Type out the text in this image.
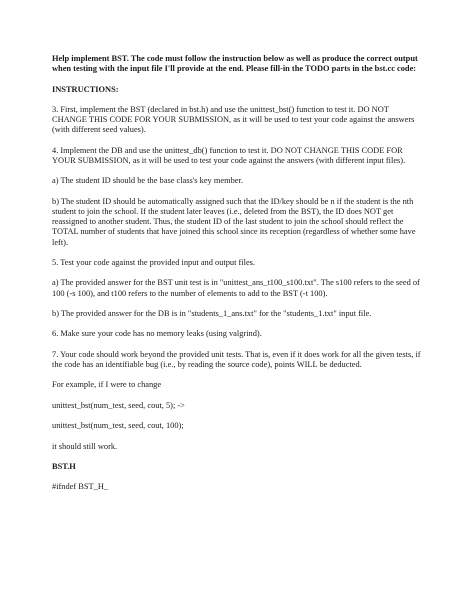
Help implement BST. The code must follow the instruction below as well as produce the correct output when testing with the input file I'll provide at the end. Please fill-in the TODO parts in the bst.cc code:

INSTRUCTIONS:

3. First, implement the BST (declared in bst.h) and use the unittest_bst() function to test it. DO NOT CHANGE THIS CODE FOR YOUR SUBMISSION, as it will be used to test your code against the answers (with different seed values).

4. Implement the DB and use the unittest_db() function to test it. DO NOT CHANGE THIS CODE FOR YOUR SUBMISSION, as it will be used to test your code against the answers (with different input files).

a) The student ID should be the base class's key member.

b) The student ID should be automatically assigned such that the ID/key should be n if the student is the nth student to join the school. If the student later leaves (i.e., deleted from the BST), the ID does NOT get reassigned to another student. Thus, the student ID of the last student to join the school should reflect the TOTAL number of students that have joined this school since its reception (regardless of whether some have left).

5. Test your code against the provided input and output files.

a) The provided answer for the BST unit test is in "unittest_ans_t100_s100.txt". The s100 refers to the seed of 100 (-s 100), and t100 refers to the number of elements to add to the BST (-t 100).

b) The provided answer for the DB is in "students_1_ans.txt" for the "students_1.txt" input file.

6. Make sure your code has no memory leaks (using valgrind).

7. Your code should work beyond the provided unit tests. That is, even if it does work for all the given tests, if the code has an identifiable bug (i.e., by reading the source code), points WILL be deducted.

For example, if I were to change

unittest_bst(num_test, seed, cout, 5); ->

unittest_bst(num_test, seed, cout, 100);

it should still work.

BST.H

#ifndef BST_H_
